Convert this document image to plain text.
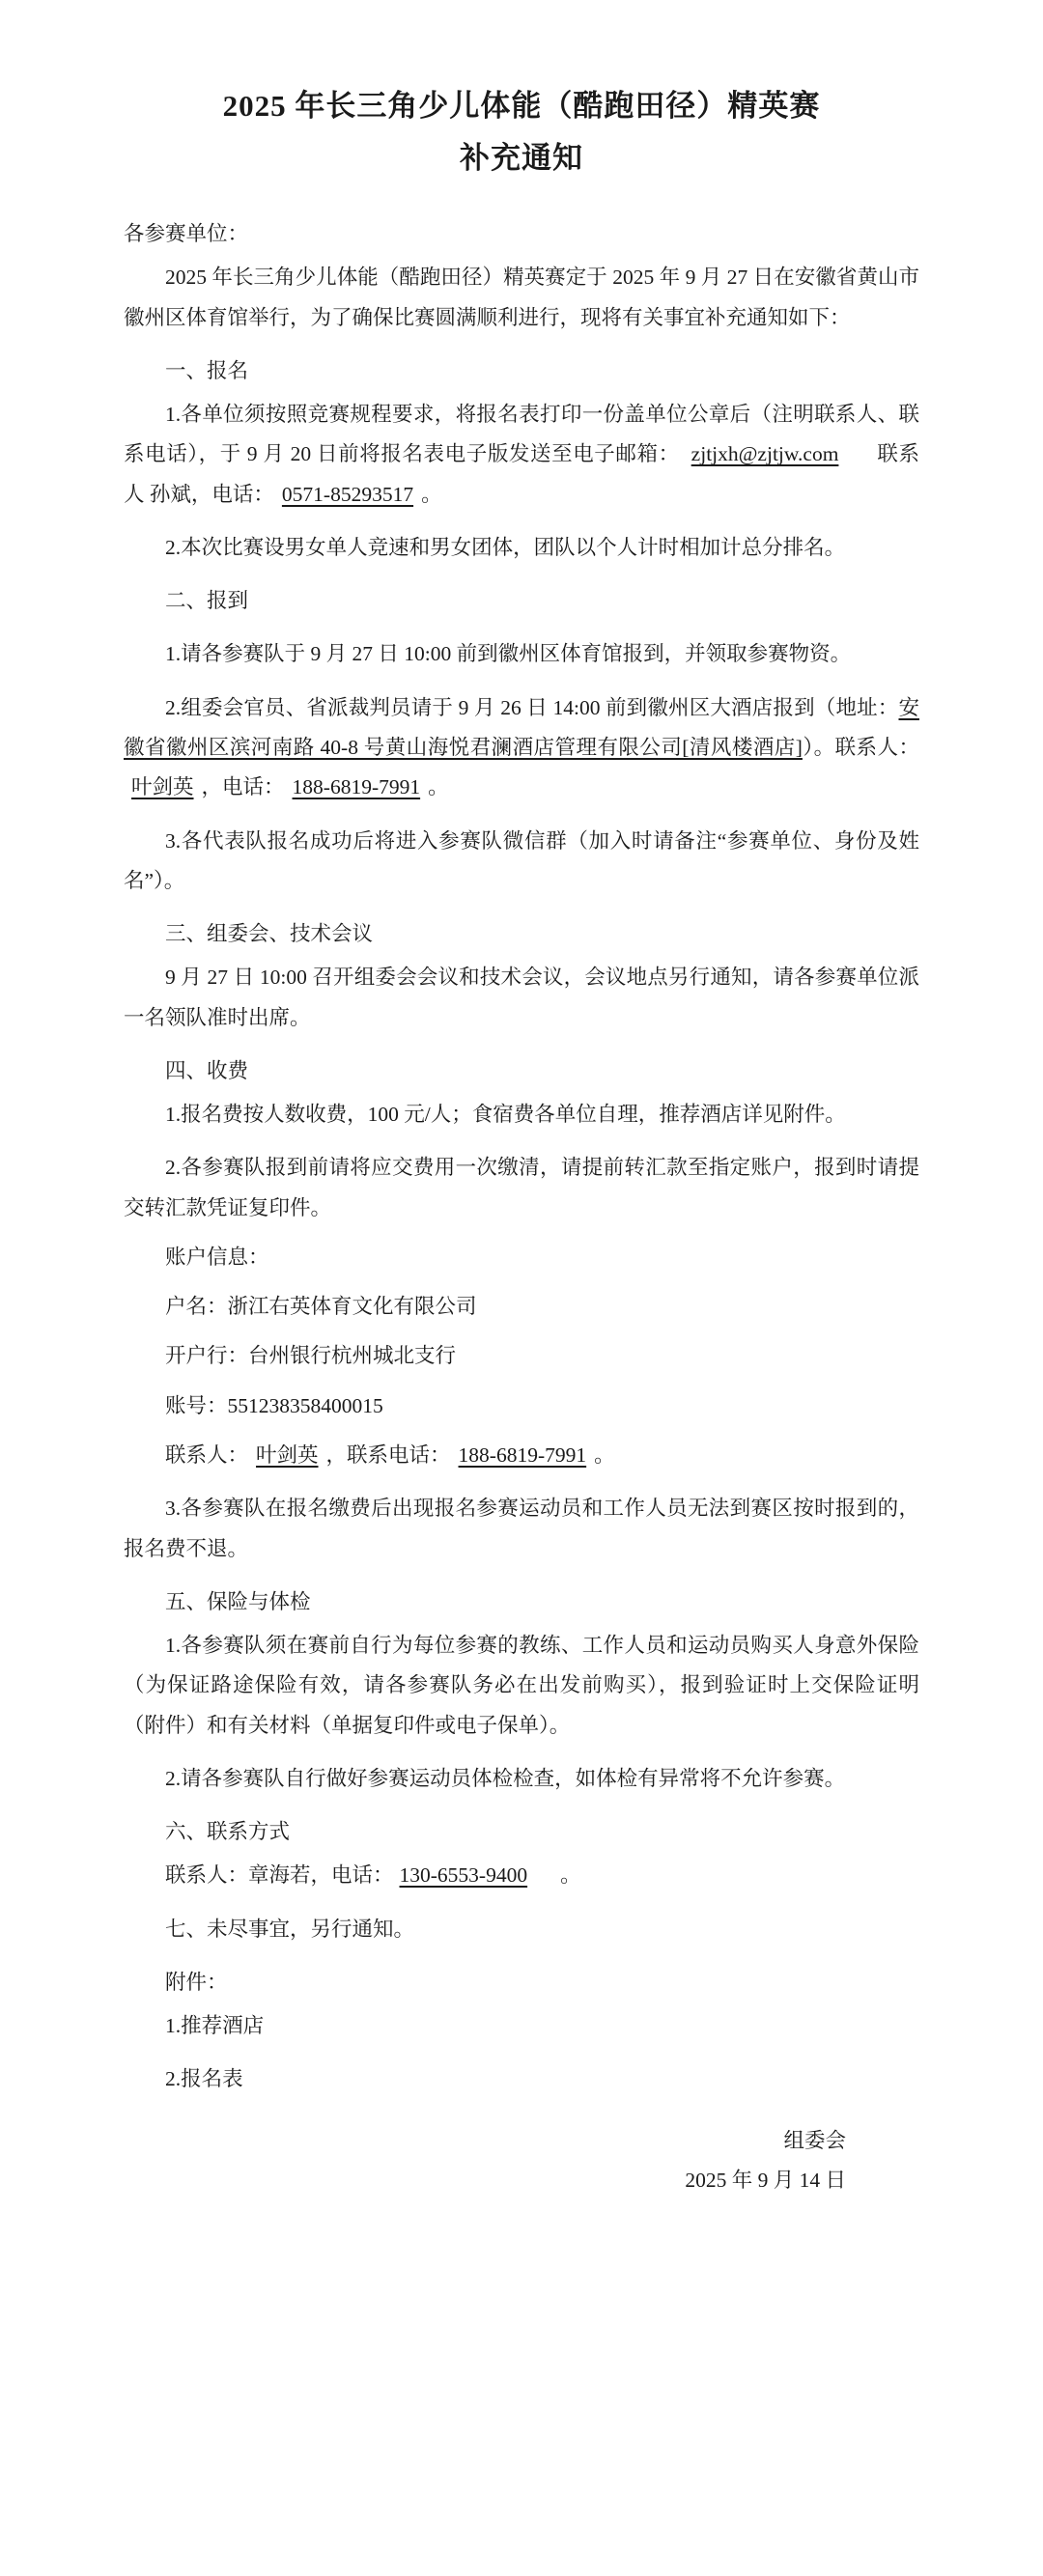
2025 年长三角少儿体能（酷跑田径）精英赛
补充通知

各参赛单位：

2025 年长三角少儿体能（酷跑田径）精英赛定于 2025 年 9 月 27 日在安徽省黄山市徽州区体育馆举行，为了确保比赛圆满顺利进行，现将有关事宜补充通知如下：

一、报名

1.各单位须按照竞赛规程要求，将报名表打印一份盖单位公章后（注明联系人、联系电话），于 9 月 20 日前将报名表电子版发送至电子邮箱： zjtjxh@zjtjw.com 联系人 孙斌，电话： 0571-85293517 。

2.本次比赛设男女单人竞速和男女团体，团队以个人计时相加计总分排名。

二、报到

1.请各参赛队于 9 月 27 日 10:00 前到徽州区体育馆报到，并领取参赛物资。

2.组委会官员、省派裁判员请于 9 月 26 日 14:00 前到徽州区大酒店报到（地址：安徽省徽州区滨河南路 40-8 号黄山海悦君澜酒店管理有限公司[清风楼酒店]）。联系人：叶剑英 ，电话： 188-6819-7991 。

3.各代表队报名成功后将进入参赛队微信群（加入时请备注“参赛单位、身份及姓名”）。

三、组委会、技术会议

9 月 27 日 10:00 召开组委会会议和技术会议，会议地点另行通知，请各参赛单位派一名领队准时出席。

四、收费

1.报名费按人数收费，100 元/人；食宿费各单位自理，推荐酒店详见附件。

2.各参赛队报到前请将应交费用一次缴清，请提前转汇款至指定账户，报到时请提交转汇款凭证复印件。

账户信息：

户名：浙江右英体育文化有限公司

开户行：台州银行杭州城北支行

账号：551238358400015

联系人： 叶剑英 ，联系电话： 188-6819-7991 。

3.各参赛队在报名缴费后出现报名参赛运动员和工作人员无法到赛区按时报到的，报名费不退。

五、保险与体检

1.各参赛队须在赛前自行为每位参赛的教练、工作人员和运动员购买人身意外保险（为保证路途保险有效，请各参赛队务必在出发前购买），报到验证时上交保险证明（附件）和有关材料（单据复印件或电子保单）。

2.请各参赛队自行做好参赛运动员体检检查，如体检有异常将不允许参赛。

六、联系方式

联系人：章海若，电话： 130-6553-9400 。

七、未尽事宜，另行通知。

附件：

1.推荐酒店

2.报名表

组委会

2025 年 9 月 14 日
